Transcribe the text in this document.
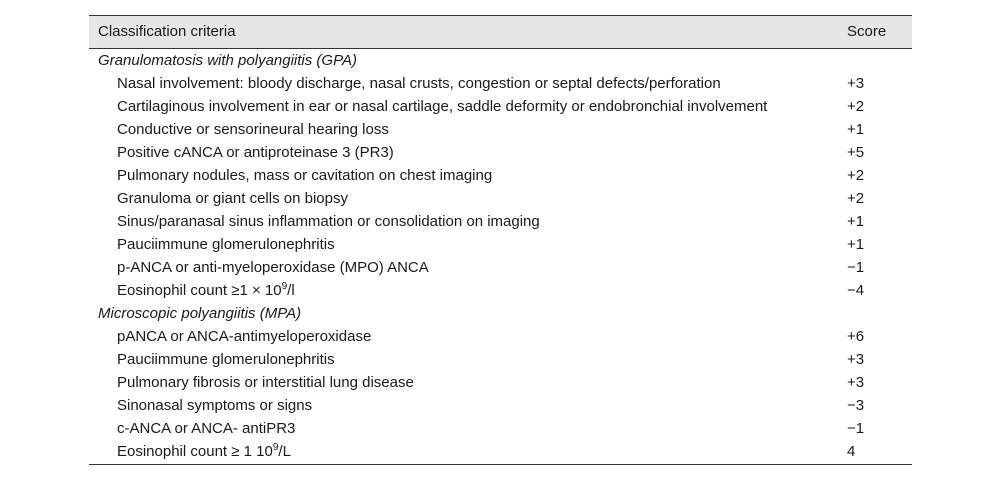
Classification criteria	Score
Granulomatosis with polyangiitis (GPA)	
Nasal involvement: bloody discharge, nasal crusts, congestion or septal defects/perforation	+3
Cartilaginous involvement in ear or nasal cartilage, saddle deformity or endobronchial involvement	+2
Conductive or sensorineural hearing loss	+1
Positive cANCA or antiproteinase 3 (PR3)	+5
Pulmonary nodules, mass or cavitation on chest imaging	+2
Granuloma or giant cells on biopsy	+2
Sinus/paranasal sinus inflammation or consolidation on imaging	+1
Pauciimmune glomerulonephritis	+1
p-ANCA or anti-myeloperoxidase (MPO) ANCA	−1
Eosinophil count $\ge 1 \times 10^9/l$	−4
Microscopic polyangiitis (MPA)	
pANCA or ANCA-antimyeloperoxidase	+6
Pauciimmune glomerulonephritis	+3
Pulmonary fibrosis or interstitial lung disease	+3
Sinonasal symptoms or signs	−3
c-ANCA or ANCA- antiPR3	−1
Eosinophil count ≥ 1 $10^9/L$	4
